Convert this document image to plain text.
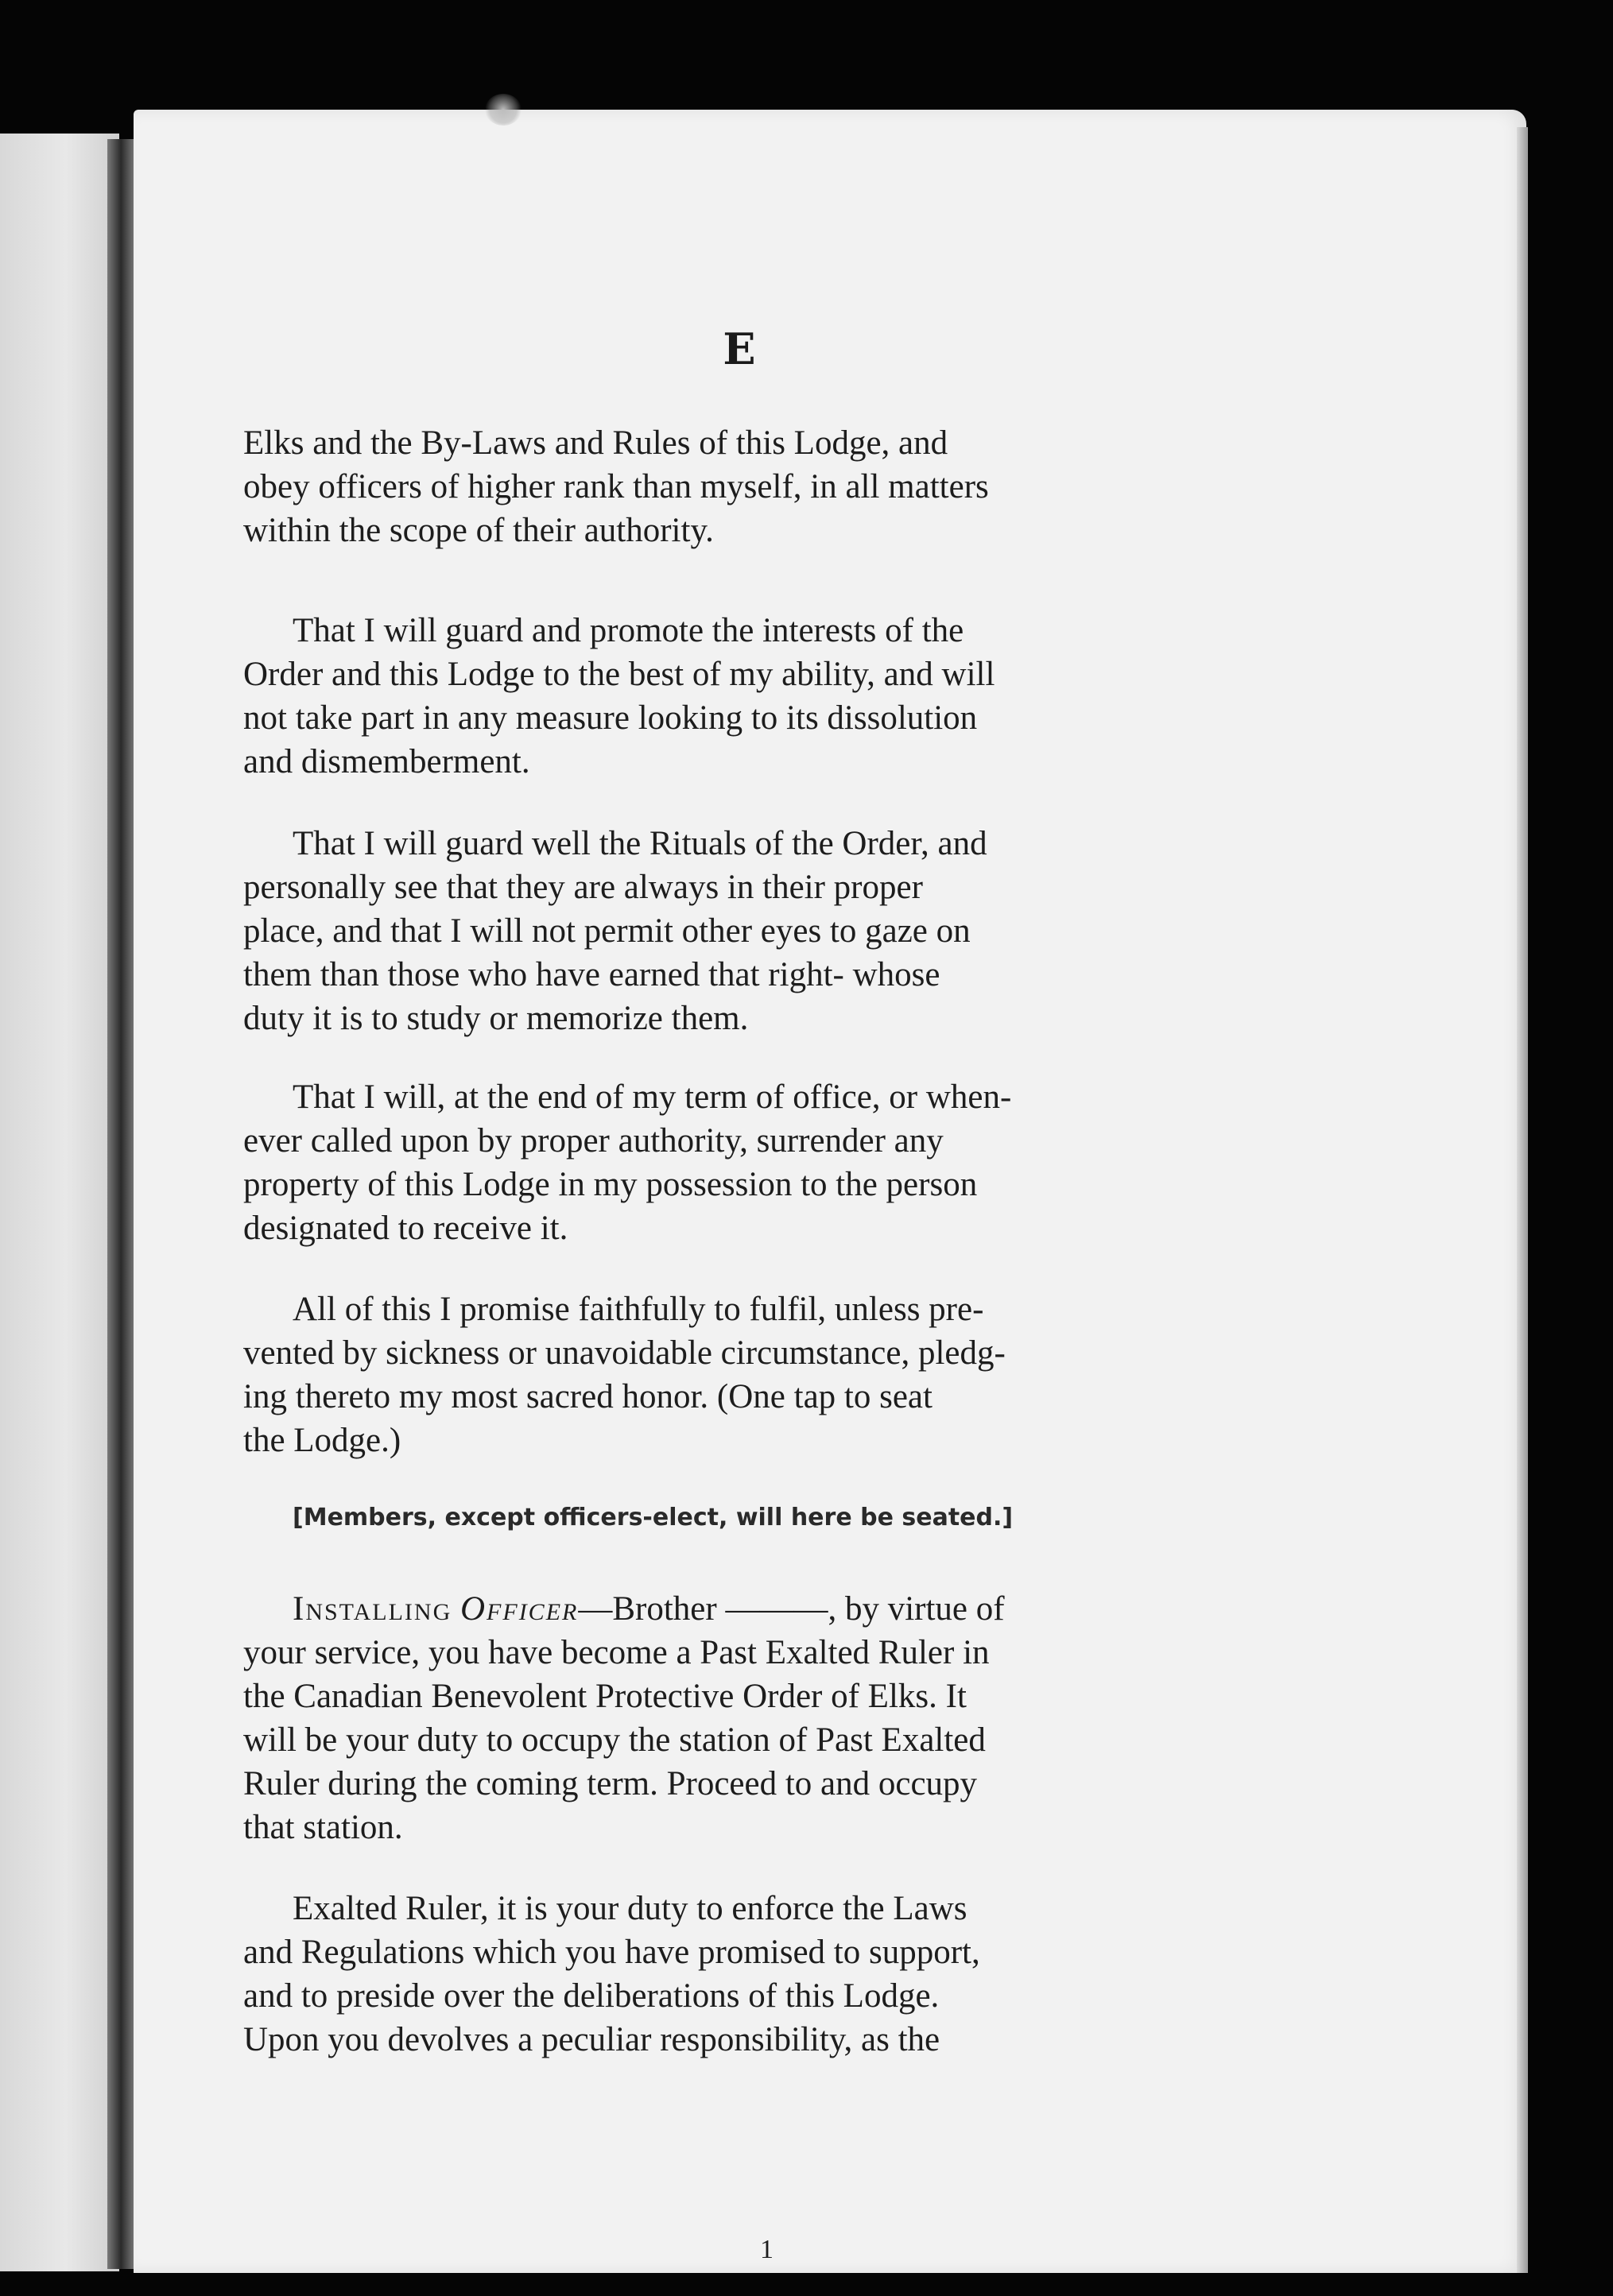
E
Elks and the By-Laws and Rules of this Lodge, and
obey officers of higher rank than myself, in all matters
within the scope of their authority.
That I will guard and promote the interests of the
Order and this Lodge to the best of my ability, and will
not take part in any measure looking to its dissolution
and dismemberment.
That I will guard well the Rituals of the Order, and
personally see that they are always in their proper
place, and that I will not permit other eyes to gaze on
them than those who have earned that right- whose
duty it is to study or memorize them.
That I will, at the end of my term of office, or when-
ever called upon by proper authority, surrender any
property of this Lodge in my possession to the person
designated to receive it.
All of this I promise faithfully to fulfil, unless pre-
vented by sickness or unavoidable circumstance, pledg-
ing thereto my most sacred honor. (One tap to seat
the Lodge.)
[Members, except officers-elect, will here be seated.]
Installing Officer—Brother ———, by virtue of
your service, you have become a Past Exalted Ruler in
the Canadian Benevolent Protective Order of Elks. It
will be your duty to occupy the station of Past Exalted
Ruler during the coming term. Proceed to and occupy
that station.
Exalted Ruler, it is your duty to enforce the Laws
and Regulations which you have promised to support,
and to preside over the deliberations of this Lodge.
Upon you devolves a peculiar responsibility, as the
1
